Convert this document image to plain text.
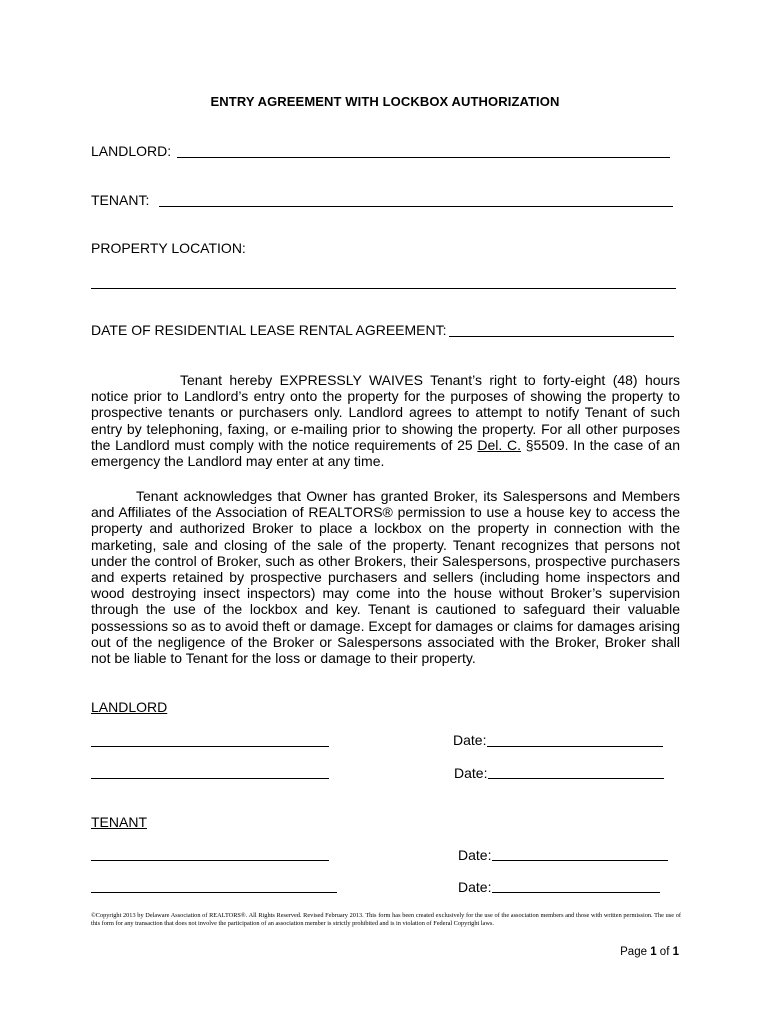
ENTRY AGREEMENT WITH LOCKBOX AUTHORIZATION
LANDLORD:
TENANT:
PROPERTY LOCATION:
DATE OF RESIDENTIAL LEASE RENTAL AGREEMENT:
Tenant hereby EXPRESSLY WAIVES Tenant’s right to forty-eight (48) hours notice prior to Landlord’s entry onto the property for the purposes of showing the property to prospective tenants or purchasers only. Landlord agrees to attempt to notify Tenant of such entry by telephoning, faxing, or e-mailing prior to showing the property. For all other purposes the Landlord must comply with the notice requirements of 25 Del. C. §5509. In the case of an emergency the Landlord may enter at any time.
Tenant acknowledges that Owner has granted Broker, its Salespersons and Members and Affiliates of the Association of REALTORS® permission to use a house key to access the property and authorized Broker to place a lockbox on the property in connection with the marketing, sale and closing of the sale of the property. Tenant recognizes that persons not under the control of Broker, such as other Brokers, their Salespersons, prospective purchasers and experts retained by prospective purchasers and sellers (including home inspectors and wood destroying insect inspectors) may come into the house without Broker’s supervision through the use of the lockbox and key. Tenant is cautioned to safeguard their valuable possessions so as to avoid theft or damage. Except for damages or claims for damages arising out of the negligence of the Broker or Salespersons associated with the Broker, Broker shall not be liable to Tenant for the loss or damage to their property.
LANDLORD
Date:
Date:
TENANT
Date:
Date:
©Copyright 2013 by Delaware Association of REALTORS®. All Rights Reserved. Revised February 2013. This form has been created exclusively for the use of the association members and those with written permission. The use of this form for any transaction that does not involve the participation of an association member is strictly prohibited and is in violation of Federal Copyright laws.
Page 1 of 1
